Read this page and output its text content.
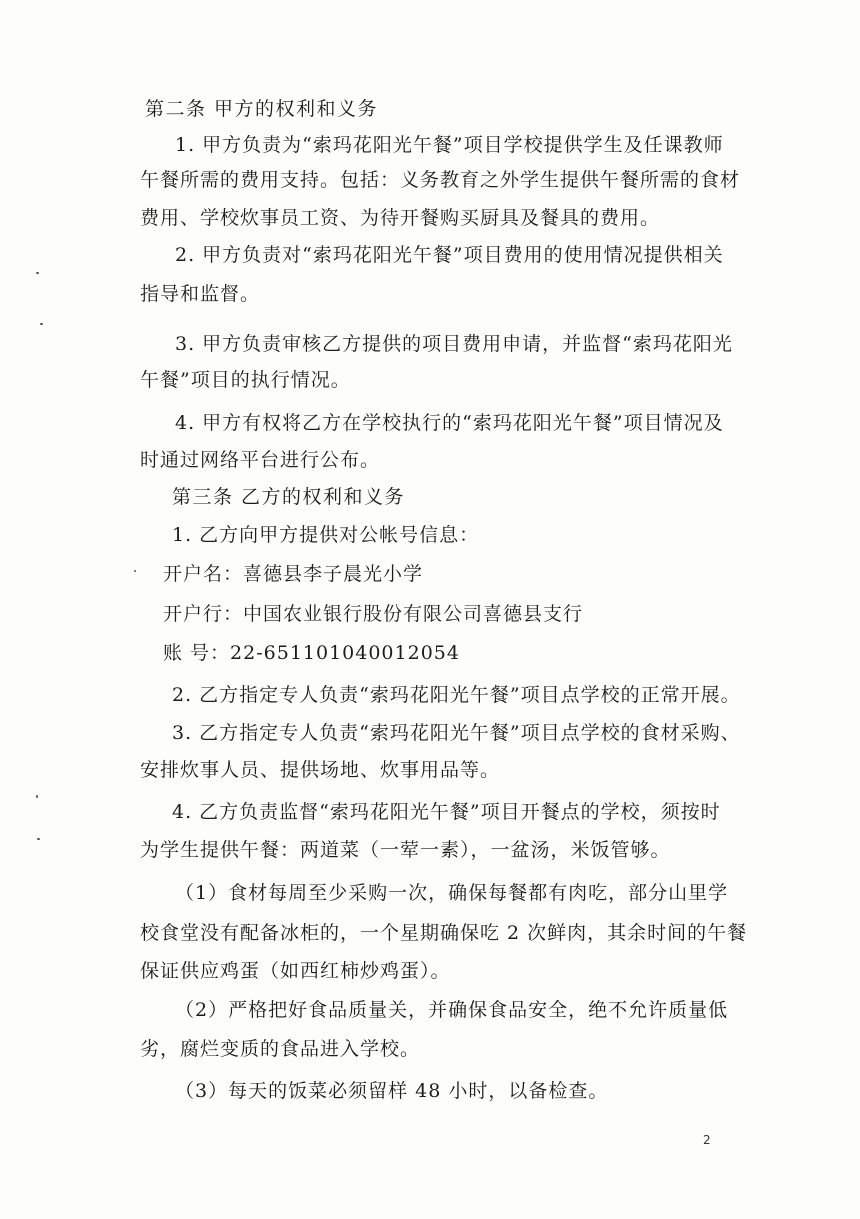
第二条 甲方的权利和义务

1. 甲方负责为“索玛花阳光午餐”项目学校提供学生及任课教师

午餐所需的费用支持。包括：义务教育之外学生提供午餐所需的食材

费用、学校炊事员工资、为待开餐购买厨具及餐具的费用。

2. 甲方负责对“索玛花阳光午餐”项目费用的使用情况提供相关

指导和监督。

3. 甲方负责审核乙方提供的项目费用申请，并监督“索玛花阳光

午餐”项目的执行情况。

4. 甲方有权将乙方在学校执行的“索玛花阳光午餐”项目情况及

时通过网络平台进行公布。

第三条 乙方的权利和义务

1. 乙方向甲方提供对公帐号信息：

开户名：喜德县李子晨光小学

开户行：中国农业银行股份有限公司喜德县支行

账 号：22-651101040012054

2. 乙方指定专人负责“索玛花阳光午餐”项目点学校的正常开展。

3. 乙方指定专人负责“索玛花阳光午餐”项目点学校的食材采购、

安排炊事人员、提供场地、炊事用品等。

4. 乙方负责监督“索玛花阳光午餐”项目开餐点的学校，须按时

为学生提供午餐：两道菜（一荤一素），一盆汤，米饭管够。

（1）食材每周至少采购一次，确保每餐都有肉吃，部分山里学

校食堂没有配备冰柜的，一个星期确保吃 2 次鲜肉，其余时间的午餐

保证供应鸡蛋（如西红柿炒鸡蛋）。

（2）严格把好食品质量关，并确保食品安全，绝不允许质量低

劣，腐烂变质的食品进入学校。

（3）每天的饭菜必须留样 48 小时，以备检查。

2
